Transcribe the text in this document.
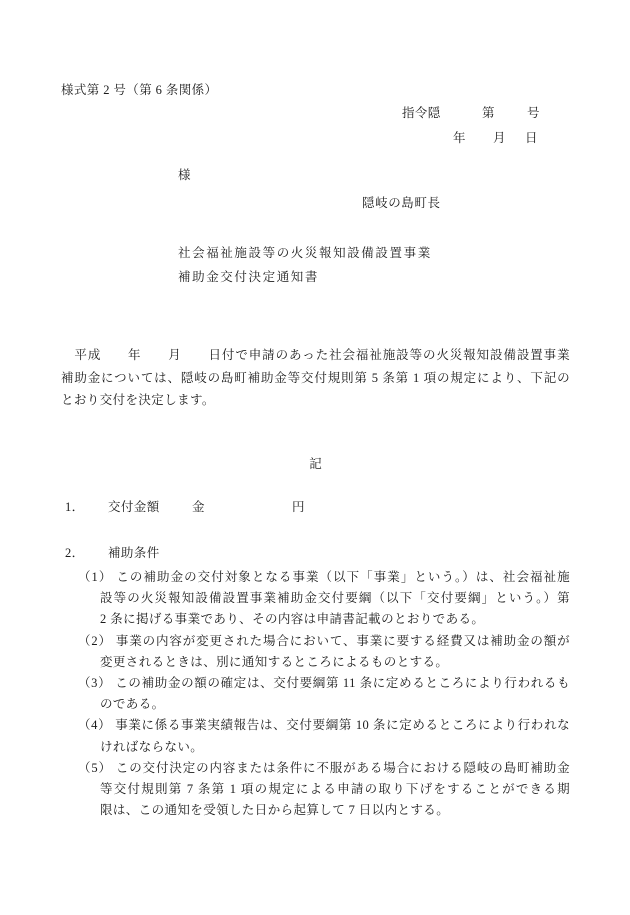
様式第 2 号（第 6 条関係）
指令隠	第	号
年 月 日
様
隠岐の島町長
社会福祉施設等の火災報知設備設置事業
補助金交付決定通知書
　平成　　年　　月　　日付で申請のあった社会福祉施設等の火災報知設備設置事業
補助金については、隠岐の島町補助金等交付規則第 5 条第 1 項の規定により、下記の
とおり交付を決定します。
記
1． 交付金額	金	円
2． 補助条件
（1） この補助金の交付対象となる事業（以下「事業」という。）は、社会福祉施
設等の火災報知設備設置事業補助金交付要綱（以下「交付要綱」という。）第
2 条に掲げる事業であり、その内容は申請書記載のとおりである。
（2） 事業の内容が変更された場合において、事業に要する経費又は補助金の額が
変更されるときは、別に通知するところによるものとする。
（3） この補助金の額の確定は、交付要綱第 11 条に定めるところにより行われるも
のである。
（4） 事業に係る事業実績報告は、交付要綱第 10 条に定めるところにより行われな
ければならない。
（5） この交付決定の内容または条件に不服がある場合における隠岐の島町補助金
等交付規則第 7 条第 1 項の規定による申請の取り下げをすることができる期
限は、この通知を受領した日から起算して 7 日以内とする。
